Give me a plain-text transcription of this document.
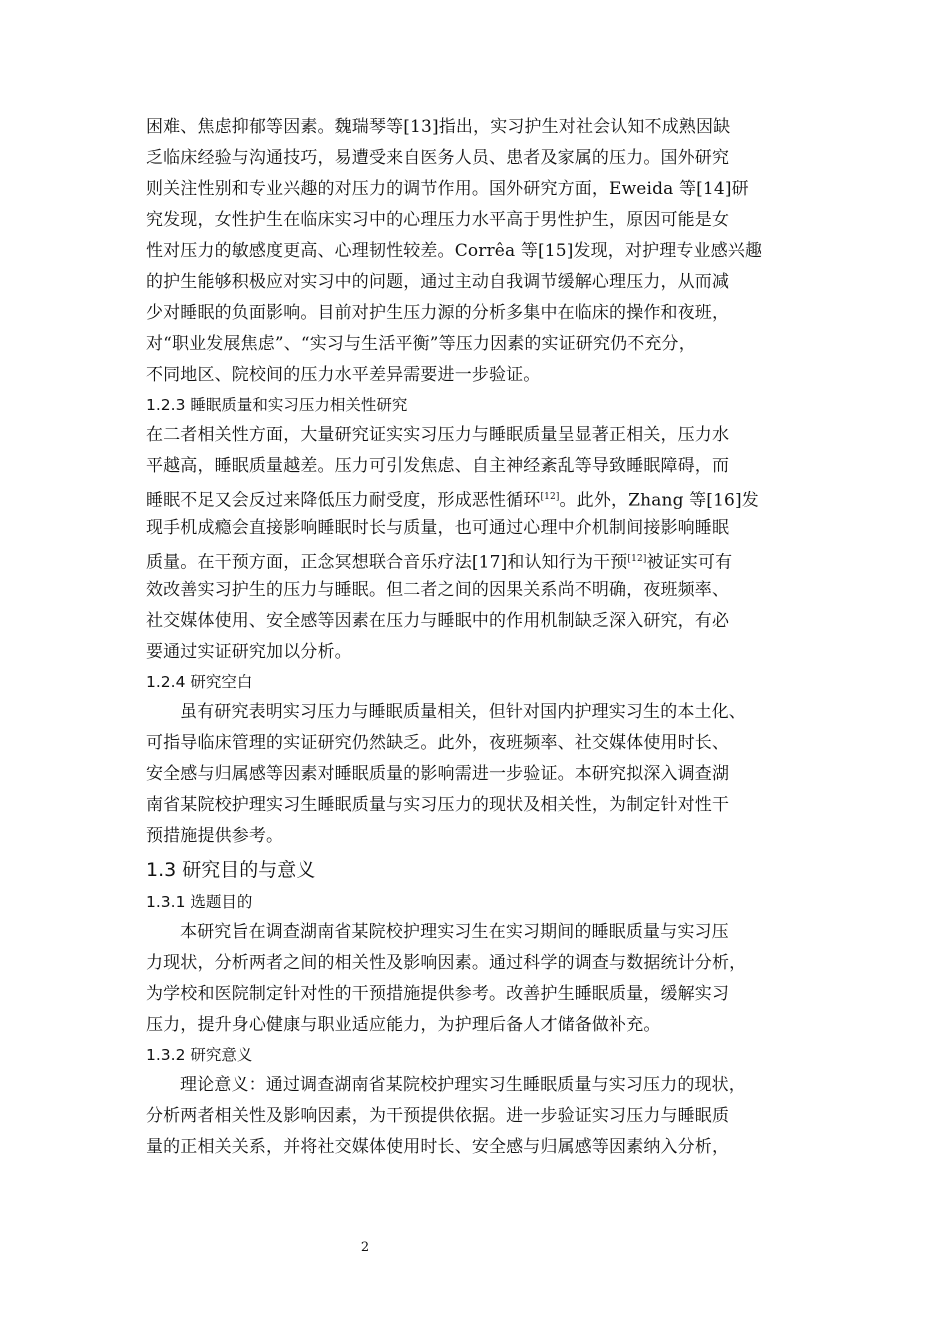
困难、焦虑抑郁等因素。魏瑞琴等[13]指出，实习护生对社会认知不成熟因缺
乏临床经验与沟通技巧，易遭受来自医务人员、患者及家属的压力。国外研究
则关注性别和专业兴趣的对压力的调节作用。国外研究方面，Eweida 等[14]研
究发现，女性护生在临床实习中的心理压力水平高于男性护生，原因可能是女
性对压力的敏感度更高、心理韧性较差。Corrêa 等[15]发现，对护理专业感兴趣
的护生能够积极应对实习中的问题，通过主动自我调节缓解心理压力，从而减
少对睡眠的负面影响。目前对护生压力源的分析多集中在临床的操作和夜班，
对“职业发展焦虑”、“实习与生活平衡”等压力因素的实证研究仍不充分，
不同地区、院校间的压力水平差异需要进一步验证。
1.2.3 睡眠质量和实习压力相关性研究
在二者相关性方面，大量研究证实实习压力与睡眠质量呈显著正相关，压力水
平越高，睡眠质量越差。压力可引发焦虑、自主神经紊乱等导致睡眠障碍，而
睡眠不足又会反过来降低压力耐受度，形成恶性循环[12]。此外，Zhang 等[16]发
现手机成瘾会直接影响睡眠时长与质量，也可通过心理中介机制间接影响睡眠
质量。在干预方面，正念冥想联合音乐疗法[17]和认知行为干预[12]被证实可有
效改善实习护生的压力与睡眠。但二者之间的因果关系尚不明确，夜班频率、
社交媒体使用、安全感等因素在压力与睡眠中的作用机制缺乏深入研究，有必
要通过实证研究加以分析。
1.2.4 研究空白
虽有研究表明实习压力与睡眠质量相关，但针对国内护理实习生的本土化、
可指导临床管理的实证研究仍然缺乏。此外，夜班频率、社交媒体使用时长、
安全感与归属感等因素对睡眠质量的影响需进一步验证。本研究拟深入调查湖
南省某院校护理实习生睡眠质量与实习压力的现状及相关性，为制定针对性干
预措施提供参考。
1.3 研究目的与意义
1.3.1 选题目的
本研究旨在调查湖南省某院校护理实习生在实习期间的睡眠质量与实习压
力现状，分析两者之间的相关性及影响因素。通过科学的调查与数据统计分析，
为学校和医院制定针对性的干预措施提供参考。改善护生睡眠质量，缓解实习
压力，提升身心健康与职业适应能力，为护理后备人才储备做补充。
1.3.2 研究意义
理论意义：通过调查湖南省某院校护理实习生睡眠质量与实习压力的现状，
分析两者相关性及影响因素，为干预提供依据。进一步验证实习压力与睡眠质
量的正相关关系，并将社交媒体使用时长、安全感与归属感等因素纳入分析，
2
